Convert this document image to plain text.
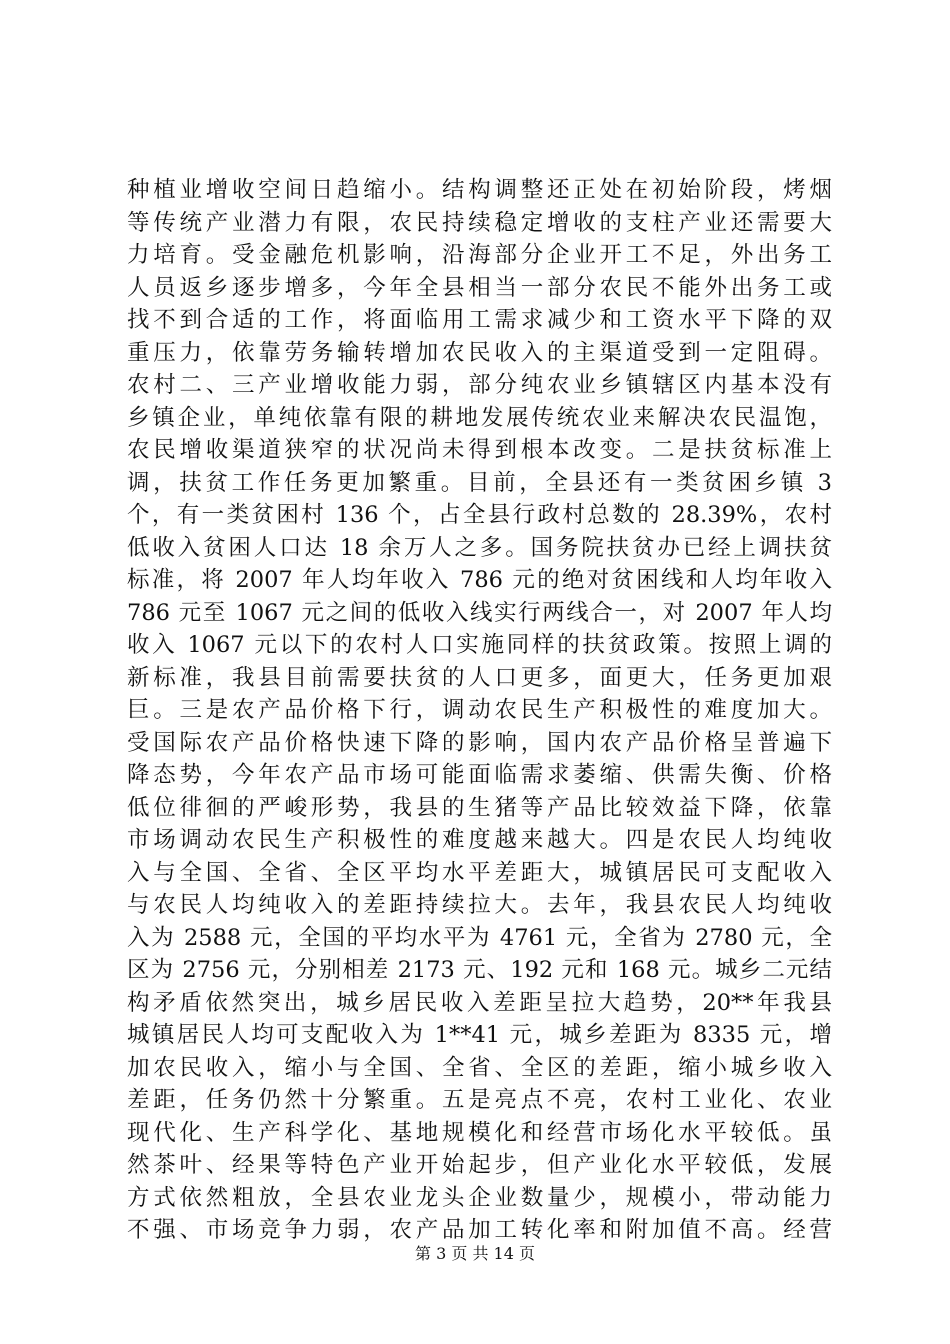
种植业增收空间日趋缩小。结构调整还正处在初始阶段，烤烟
等传统产业潜力有限，农民持续稳定增收的支柱产业还需要大
力培育。受金融危机影响，沿海部分企业开工不足，外出务工
人员返乡逐步增多，今年全县相当一部分农民不能外出务工或
找不到合适的工作，将面临用工需求减少和工资水平下降的双
重压力，依靠劳务输转增加农民收入的主渠道受到一定阻碍。
农村二、三产业增收能力弱，部分纯农业乡镇辖区内基本没有
乡镇企业，单纯依靠有限的耕地发展传统农业来解决农民温饱，
农民增收渠道狭窄的状况尚未得到根本改变。二是扶贫标准上
调，扶贫工作任务更加繁重。目前，全县还有一类贫困乡镇 3
个，有一类贫困村 136 个，占全县行政村总数的 28.39%，农村
低收入贫困人口达 18 余万人之多。国务院扶贫办已经上调扶贫
标准，将 2007 年人均年收入 786 元的绝对贫困线和人均年收入
786 元至 1067 元之间的低收入线实行两线合一，对 2007 年人均
收入 1067 元以下的农村人口实施同样的扶贫政策。按照上调的
新标准，我县目前需要扶贫的人口更多，面更大，任务更加艰
巨。三是农产品价格下行，调动农民生产积极性的难度加大。
受国际农产品价格快速下降的影响，国内农产品价格呈普遍下
降态势，今年农产品市场可能面临需求萎缩、供需失衡、价格
低位徘徊的严峻形势，我县的生猪等产品比较效益下降，依靠
市场调动农民生产积极性的难度越来越大。四是农民人均纯收
入与全国、全省、全区平均水平差距大，城镇居民可支配收入
与农民人均纯收入的差距持续拉大。去年，我县农民人均纯收
入为 2588 元，全国的平均水平为 4761 元，全省为 2780 元，全
区为 2756 元，分别相差 2173 元、192 元和 168 元。城乡二元结
构矛盾依然突出，城乡居民收入差距呈拉大趋势，20**年我县
城镇居民人均可支配收入为 1**41 元，城乡差距为 8335 元，增
加农民收入，缩小与全国、全省、全区的差距，缩小城乡收入
差距，任务仍然十分繁重。五是亮点不亮，农村工业化、农业
现代化、生产科学化、基地规模化和经营市场化水平较低。虽
然茶叶、经果等特色产业开始起步，但产业化水平较低，发展
方式依然粗放，全县农业龙头企业数量少，规模小，带动能力
不强、市场竞争力弱，农产品加工转化率和附加值不高。经营
第 3 页 共 14 页
